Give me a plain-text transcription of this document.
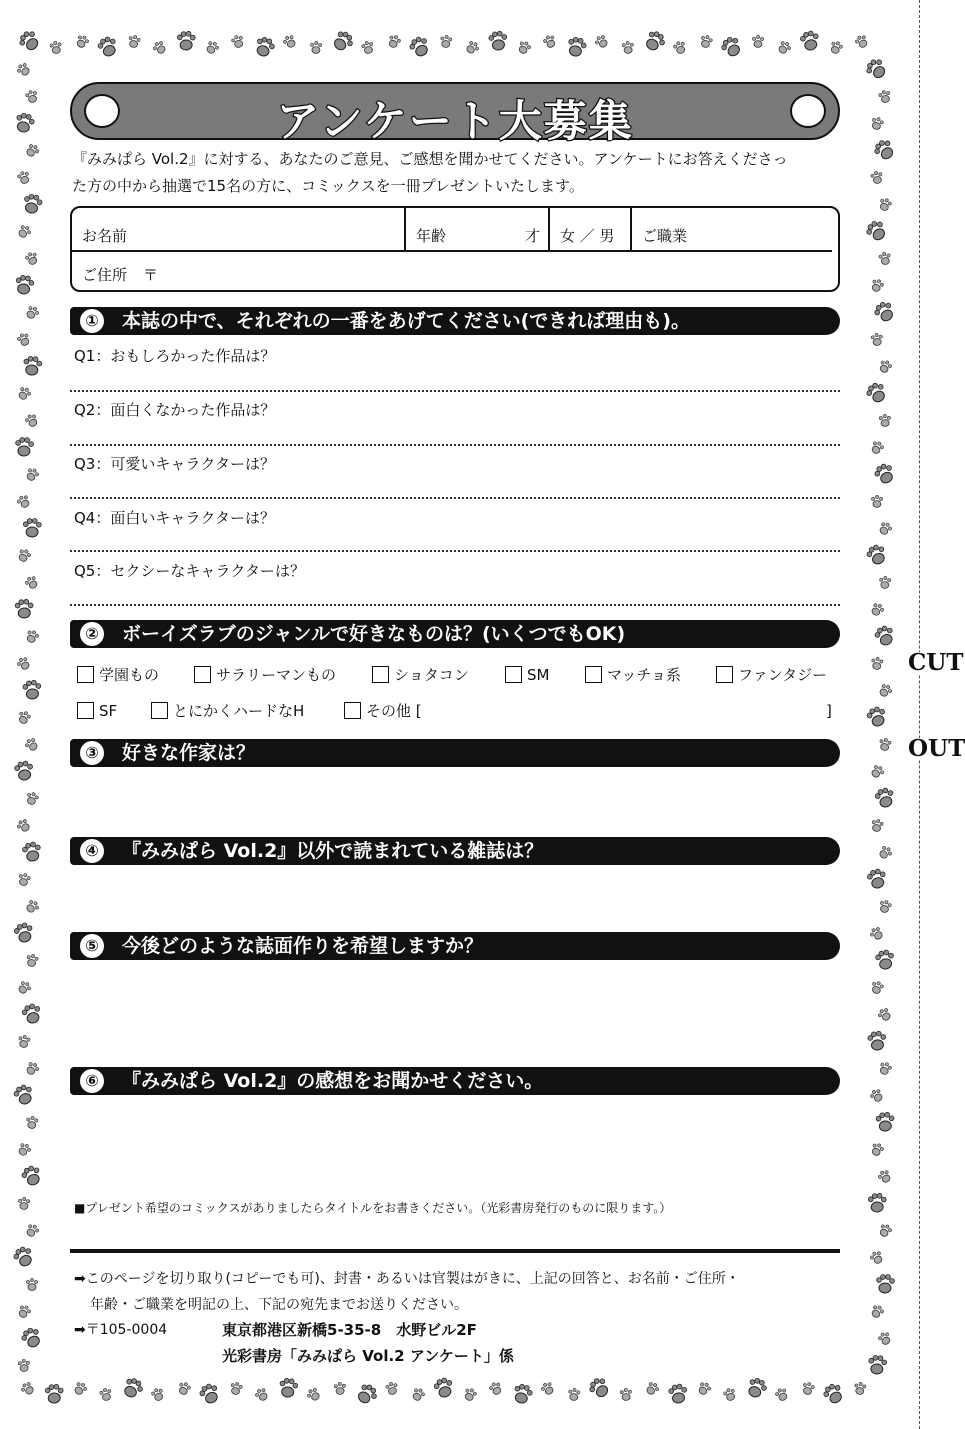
CUT
OUT
アンケート大募集
『みみぱら Vol.2』に対する、あなたのご意見、ご感想を聞かせてください。アンケートにお答えくださっ
た方の中から抽選で15名の方に、コミックスを一冊プレゼントいたします。
お名前	年齢	才	女 ／ 男	ご職業
ご住所 〒
① 本誌の中で、それぞれの一番をあげてください(できれば理由も)。
Q1：おもしろかった作品は？
Q2：面白くなかった作品は？
Q3：可愛いキャラクターは？
Q4：面白いキャラクターは？
Q5：セクシーなキャラクターは？
② ボーイズラブのジャンルで好きなものは？(いくつでもOK)
学園もの	サラリーマンもの	ショタコン	SM	マッチョ系	ファンタジー
SF	とにかくハードなH	その他 [	]
③ 好きな作家は？
④ 『みみぱら Vol.2』以外で読まれている雑誌は？
⑤ 今後どのような誌面作りを希望しますか？
⑥ 『みみぱら Vol.2』の感想をお聞かせください。
■プレゼント希望のコミックスがありましたらタイトルをお書きください。（光彩書房発行のものに限ります。）
➡このページを切り取り(コピーでも可)、封書・あるいは官製はがきに、上記の回答と、お名前・ご住所・
年齢・ご職業を明記の上、下記の宛先までお送りください。
➡〒105-0004	東京都港区新橋5-35-8　水野ビル2F
光彩書房「みみぱら Vol.2 アンケート」係
